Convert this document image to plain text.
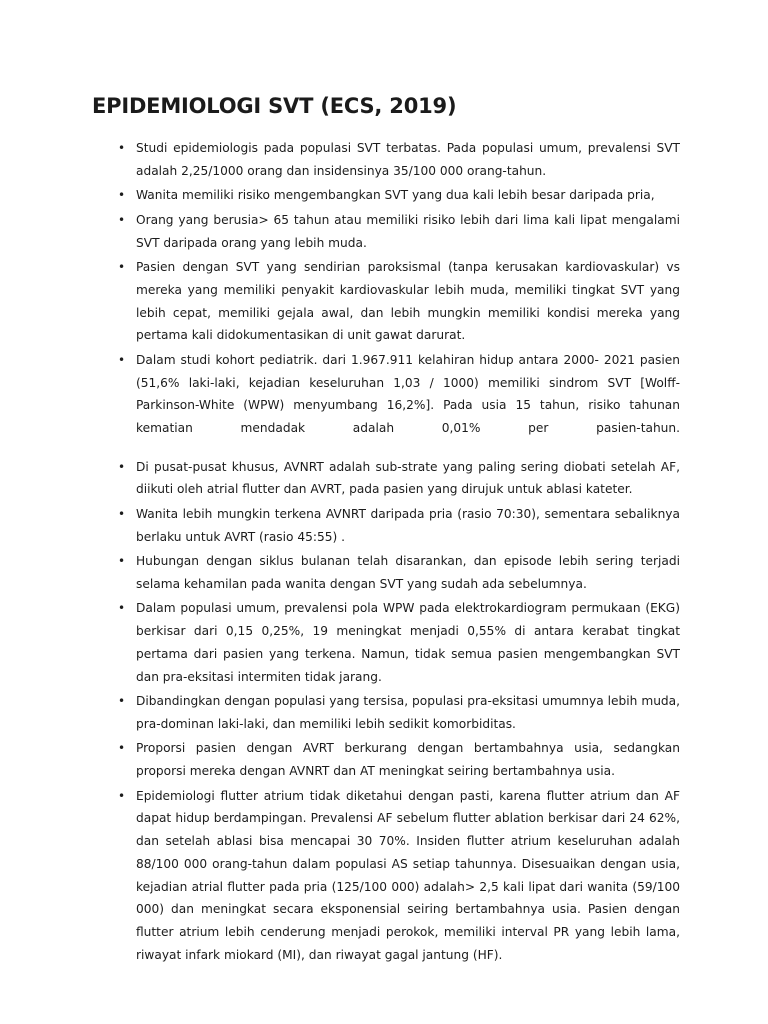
EPIDEMIOLOGI SVT (ECS, 2019)
• Studi epidemiologis pada populasi SVT terbatas. Pada populasi umum, prevalensi SVT adalah 2,25/1000 orang dan insidensinya 35/100 000 orang-tahun.
• Wanita memiliki risiko mengembangkan SVT yang dua kali lebih besar daripada pria,
• Orang yang berusia> 65 tahun atau memiliki risiko lebih dari lima kali lipat mengalami SVT daripada orang yang lebih muda.
• Pasien dengan SVT yang sendirian paroksismal (tanpa kerusakan kardiovaskular) vs mereka yang memiliki penyakit kardiovaskular lebih muda, memiliki tingkat SVT yang lebih cepat, memiliki gejala awal, dan lebih mungkin memiliki kondisi mereka yang pertama kali didokumentasikan di unit gawat darurat.
• Dalam studi kohort pediatrik. dari 1.967.911 kelahiran hidup antara 2000- 2021 pasien (51,6% laki-laki, kejadian keseluruhan 1,03 / 1000) memiliki sindrom SVT [Wolff-Parkinson-White (WPW) menyumbang 16,2%]. Pada usia 15 tahun, risiko tahunan kematian mendadak adalah 0,01% per pasien-tahun.
• Di pusat-pusat khusus, AVNRT adalah sub-strate yang paling sering diobati setelah AF, diikuti oleh atrial flutter dan AVRT, pada pasien yang dirujuk untuk ablasi kateter.
• Wanita lebih mungkin terkena AVNRT daripada pria (rasio 70:30), sementara sebaliknya berlaku untuk AVRT (rasio 45:55) .
• Hubungan dengan siklus bulanan telah disarankan, dan episode lebih sering terjadi selama kehamilan pada wanita dengan SVT yang sudah ada sebelumnya.
• Dalam populasi umum, prevalensi pola WPW pada elektrokardiogram permukaan (EKG) berkisar dari 0,15 0,25%, 19 meningkat menjadi 0,55% di antara kerabat tingkat pertama dari pasien yang terkena. Namun, tidak semua pasien mengembangkan SVT dan pra-eksitasi intermiten tidak jarang.
• Dibandingkan dengan populasi yang tersisa, populasi pra-eksitasi umumnya lebih muda, pra-dominan laki-laki, dan memiliki lebih sedikit komorbiditas.
• Proporsi pasien dengan AVRT berkurang dengan bertambahnya usia, sedangkan proporsi mereka dengan AVNRT dan AT meningkat seiring bertambahnya usia.
• Epidemiologi flutter atrium tidak diketahui dengan pasti, karena flutter atrium dan AF dapat hidup berdampingan. Prevalensi AF sebelum flutter ablation berkisar dari 24 62%, dan setelah ablasi bisa mencapai 30 70%. Insiden flutter atrium keseluruhan adalah 88/100 000 orang-tahun dalam populasi AS setiap tahunnya. Disesuaikan dengan usia, kejadian atrial flutter pada pria (125/100 000) adalah> 2,5 kali lipat dari wanita (59/100 000) dan meningkat secara eksponensial seiring bertambahnya usia. Pasien dengan flutter atrium lebih cenderung menjadi perokok, memiliki interval PR yang lebih lama, riwayat infark miokard (MI), dan riwayat gagal jantung (HF).
